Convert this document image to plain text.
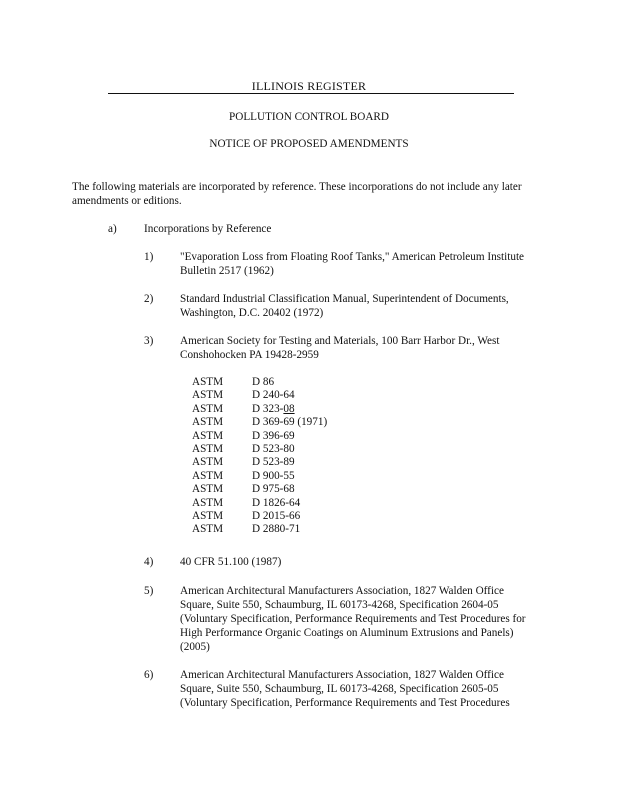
ILLINOIS REGISTER
POLLUTION CONTROL BOARD
NOTICE OF PROPOSED AMENDMENTS
The following materials are incorporated by reference. These incorporations do not include any later amendments or editions.
a) Incorporations by Reference
1) "Evaporation Loss from Floating Roof Tanks," American Petroleum Institute Bulletin 2517 (1962)
2) Standard Industrial Classification Manual, Superintendent of Documents, Washington, D.C. 20402 (1972)
3) American Society for Testing and Materials, 100 Barr Harbor Dr., West Conshohocken PA 19428-2959
ASTM	D 86
ASTM	D 240-64
ASTM	D 323-08
ASTM	D 369-69 (1971)
ASTM	D 396-69
ASTM	D 523-80
ASTM	D 523-89
ASTM	D 900-55
ASTM	D 975-68
ASTM	D 1826-64
ASTM	D 2015-66
ASTM	D 2880-71
4) 40 CFR 51.100 (1987)
5) American Architectural Manufacturers Association, 1827 Walden Office Square, Suite 550, Schaumburg, IL 60173-4268, Specification 2604-05 (Voluntary Specification, Performance Requirements and Test Procedures for High Performance Organic Coatings on Aluminum Extrusions and Panels) (2005)
6) American Architectural Manufacturers Association, 1827 Walden Office Square, Suite 550, Schaumburg, IL 60173-4268, Specification 2605-05 (Voluntary Specification, Performance Requirements and Test Procedures
